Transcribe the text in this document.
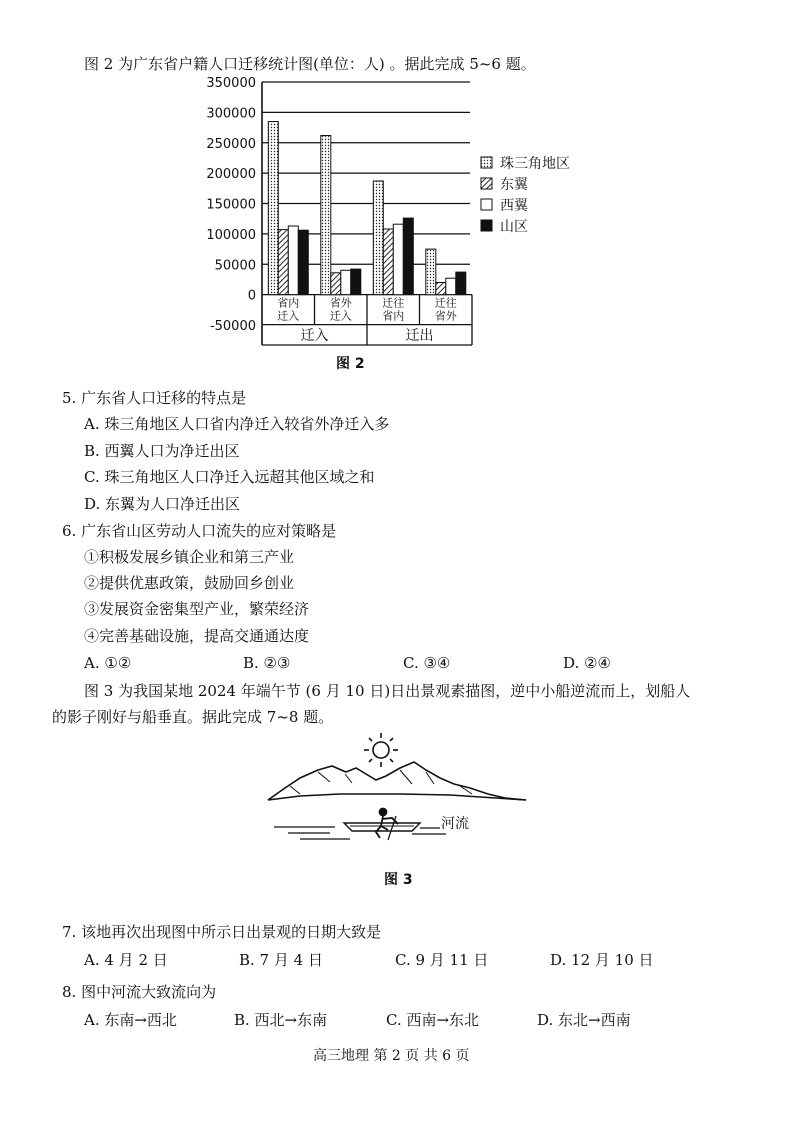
图 2 为广东省户籍人口迁移统计图(单位：人) 。据此完成 5~6 题。
350000
300000
250000
200000
150000
100000
50000
0
-50000
省内
迁入
省外
迁入
迁往
省内
迁往
省外
迁入	迁出
珠三角地区
东翼
西翼
山区
图 2
5. 广东省人口迁移的特点是
A. 珠三角地区人口省内净迁入较省外净迁入多
B. 西翼人口为净迁出区
C. 珠三角地区人口净迁入远超其他区域之和
D. 东翼为人口净迁出区
6. 广东省山区劳动人口流失的应对策略是
①积极发展乡镇企业和第三产业
②提供优惠政策，鼓励回乡创业
③发展资金密集型产业，繁荣经济
④完善基础设施，提高交通通达度
A. ①②	B. ②③	C. ③④	D. ②④
图 3 为我国某地 2024 年端午节 (6 月 10 日)日出景观素描图，逆中小船逆流而上，划船人
的影子刚好与船垂直。据此完成 7~8 题。
河流
图 3
7. 该地再次出现图中所示日出景观的日期大致是
A. 4 月 2 日	B. 7 月 4 日	C. 9 月 11 日	D. 12 月 10 日
8. 图中河流大致流向为
A. 东南→西北	B. 西北→东南	C. 西南→东北	D. 东北→西南
高三地理 第 2 页 共 6 页
